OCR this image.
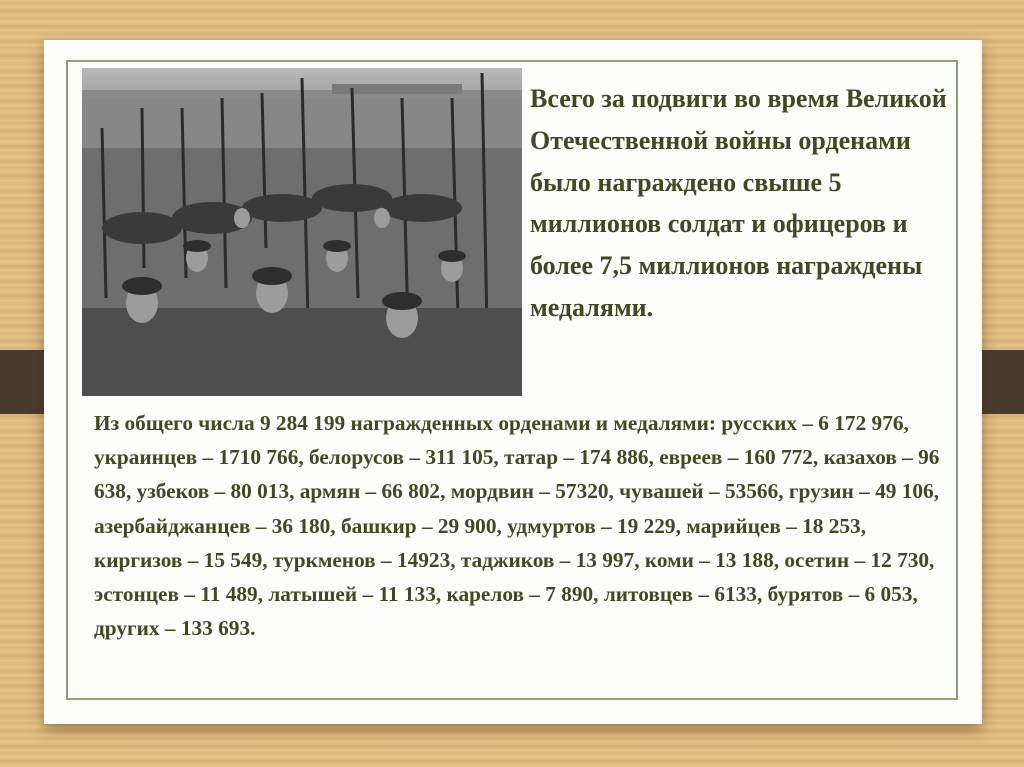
Всего за подвиги во время Великой Отечественной войны орденами было награждено свыше 5 миллионов солдат и офицеров и более 7,5 миллионов награждены медалями.

Из общего числа 9 284 199 награжденных орденами и медалями: русских – 6 172 976, украинцев – 1710 766, белорусов – 311 105, татар – 174 886, евреев – 160 772, казахов – 96 638, узбеков – 80 013, армян – 66 802, мордвин – 57320, чувашей – 53566, грузин – 49 106, азербайджанцев – 36 180, башкир – 29 900, удмуртов – 19 229, марийцев – 18 253, киргизов – 15 549, туркменов – 14923, таджиков – 13 997, коми – 13 188, осетин – 12 730, эстонцев – 11 489, латышей – 11 133, карелов – 7 890, литовцев – 6133, бурятов – 6 053, других – 133 693.
